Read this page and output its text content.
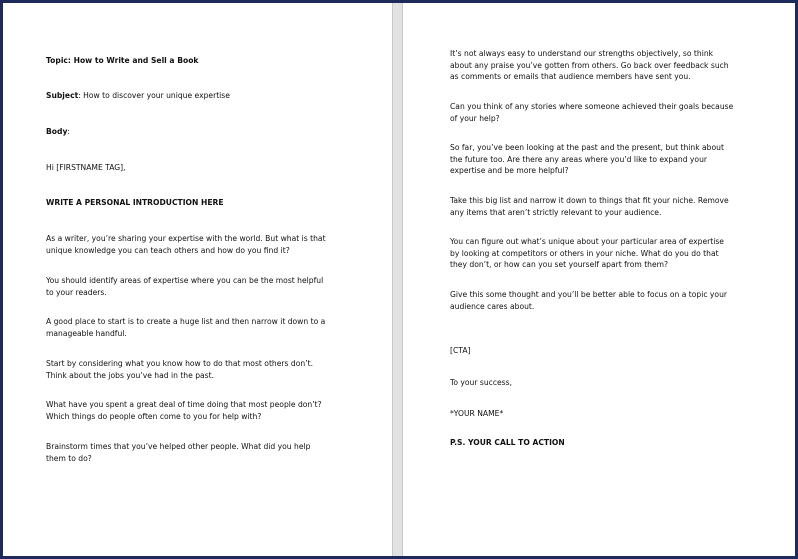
Topic: How to Write and Sell a Book

Subject: How to discover your unique expertise

Body:

Hi [FIRSTNAME TAG],

WRITE A PERSONAL INTRODUCTION HERE

As a writer, you’re sharing your expertise with the world. But what is that
unique knowledge you can teach others and how do you find it?

You should identify areas of expertise where you can be the most helpful
to your readers.

A good place to start is to create a huge list and then narrow it down to a
manageable handful.

Start by considering what you know how to do that most others don’t.
Think about the jobs you’ve had in the past.

What have you spent a great deal of time doing that most people don’t?
Which things do people often come to you for help with?

Brainstorm times that you’ve helped other people. What did you help
them to do?

It’s not always easy to understand our strengths objectively, so think
about any praise you’ve gotten from others. Go back over feedback such
as comments or emails that audience members have sent you.

Can you think of any stories where someone achieved their goals because
of your help?

So far, you’ve been looking at the past and the present, but think about
the future too. Are there any areas where you’d like to expand your
expertise and be more helpful?

Take this big list and narrow it down to things that fit your niche. Remove
any items that aren’t strictly relevant to your audience.

You can figure out what’s unique about your particular area of expertise
by looking at competitors or others in your niche. What do you do that
they don’t, or how can you set yourself apart from them?

Give this some thought and you’ll be better able to focus on a topic your
audience cares about.

[CTA]

To your success,

*YOUR NAME*

P.S. YOUR CALL TO ACTION
